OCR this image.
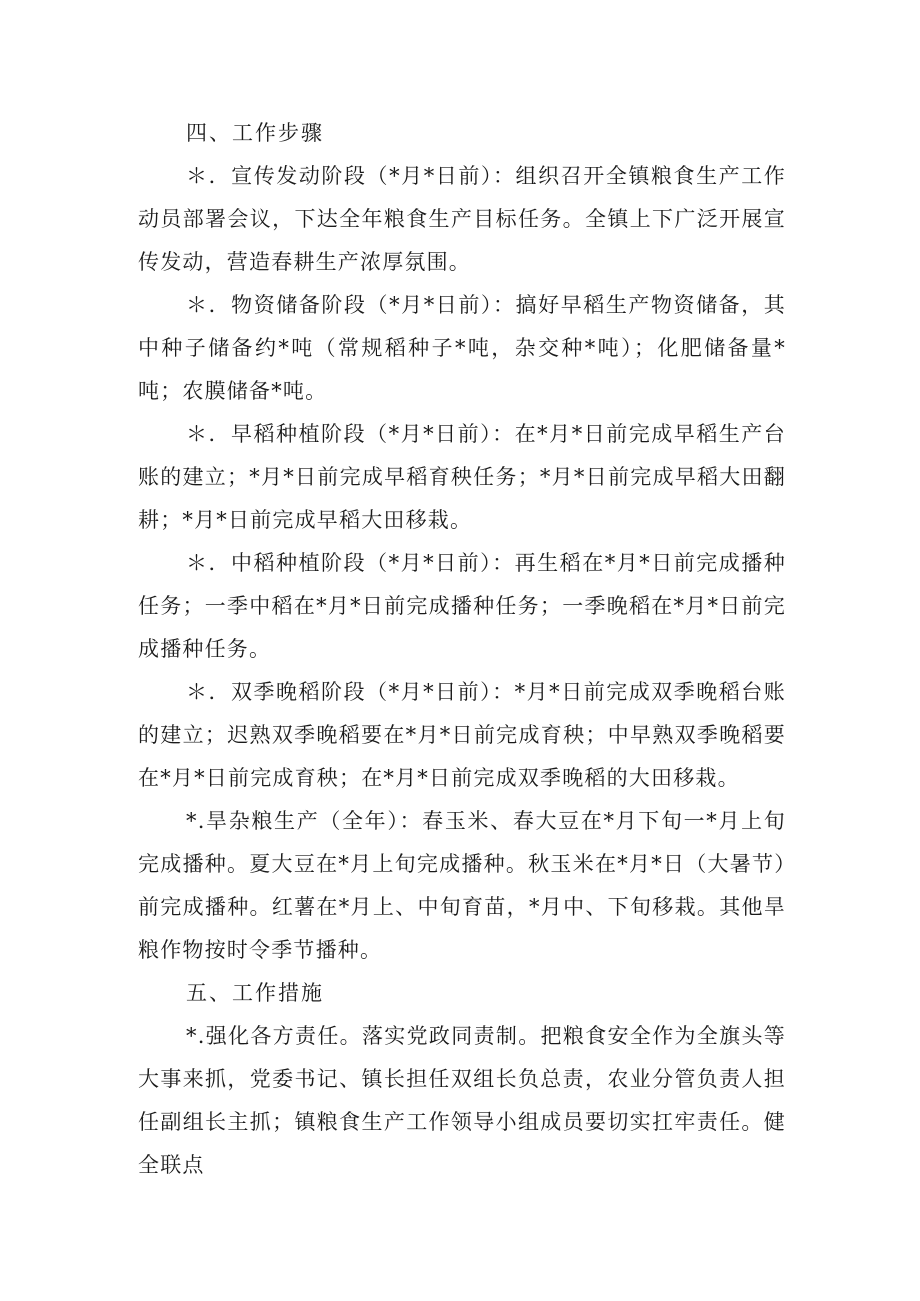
四、工作步骤

＊．宣传发动阶段（*月*日前）：组织召开全镇粮食生产工作动员部署会议，下达全年粮食生产目标任务。全镇上下广泛开展宣传发动，营造春耕生产浓厚氛围。

＊．物资储备阶段（*月*日前）：搞好早稻生产物资储备，其中种子储备约*吨（常规稻种子*吨，杂交种*吨）；化肥储备量*吨；农膜储备*吨。

＊．早稻种植阶段（*月*日前）：在*月*日前完成早稻生产台账的建立；*月*日前完成早稻育秧任务；*月*日前完成早稻大田翻耕；*月*日前完成早稻大田移栽。

＊．中稻种植阶段（*月*日前）：再生稻在*月*日前完成播种任务；一季中稻在*月*日前完成播种任务；一季晚稻在*月*日前完成播种任务。

＊．双季晚稻阶段（*月*日前）：*月*日前完成双季晚稻台账的建立；迟熟双季晚稻要在*月*日前完成育秧；中早熟双季晚稻要在*月*日前完成育秧；在*月*日前完成双季晚稻的大田移栽。

*.旱杂粮生产（全年）：春玉米、春大豆在*月下旬一*月上旬完成播种。夏大豆在*月上旬完成播种。秋玉米在*月*日（大暑节）前完成播种。红薯在*月上、中旬育苗，*月中、下旬移栽。其他旱粮作物按时令季节播种。

五、工作措施

*.强化各方责任。落实党政同责制。把粮食安全作为全旗头等大事来抓，党委书记、镇长担任双组长负总责，农业分管负责人担任副组长主抓；镇粮食生产工作领导小组成员要切实扛牢责任。健全联点
